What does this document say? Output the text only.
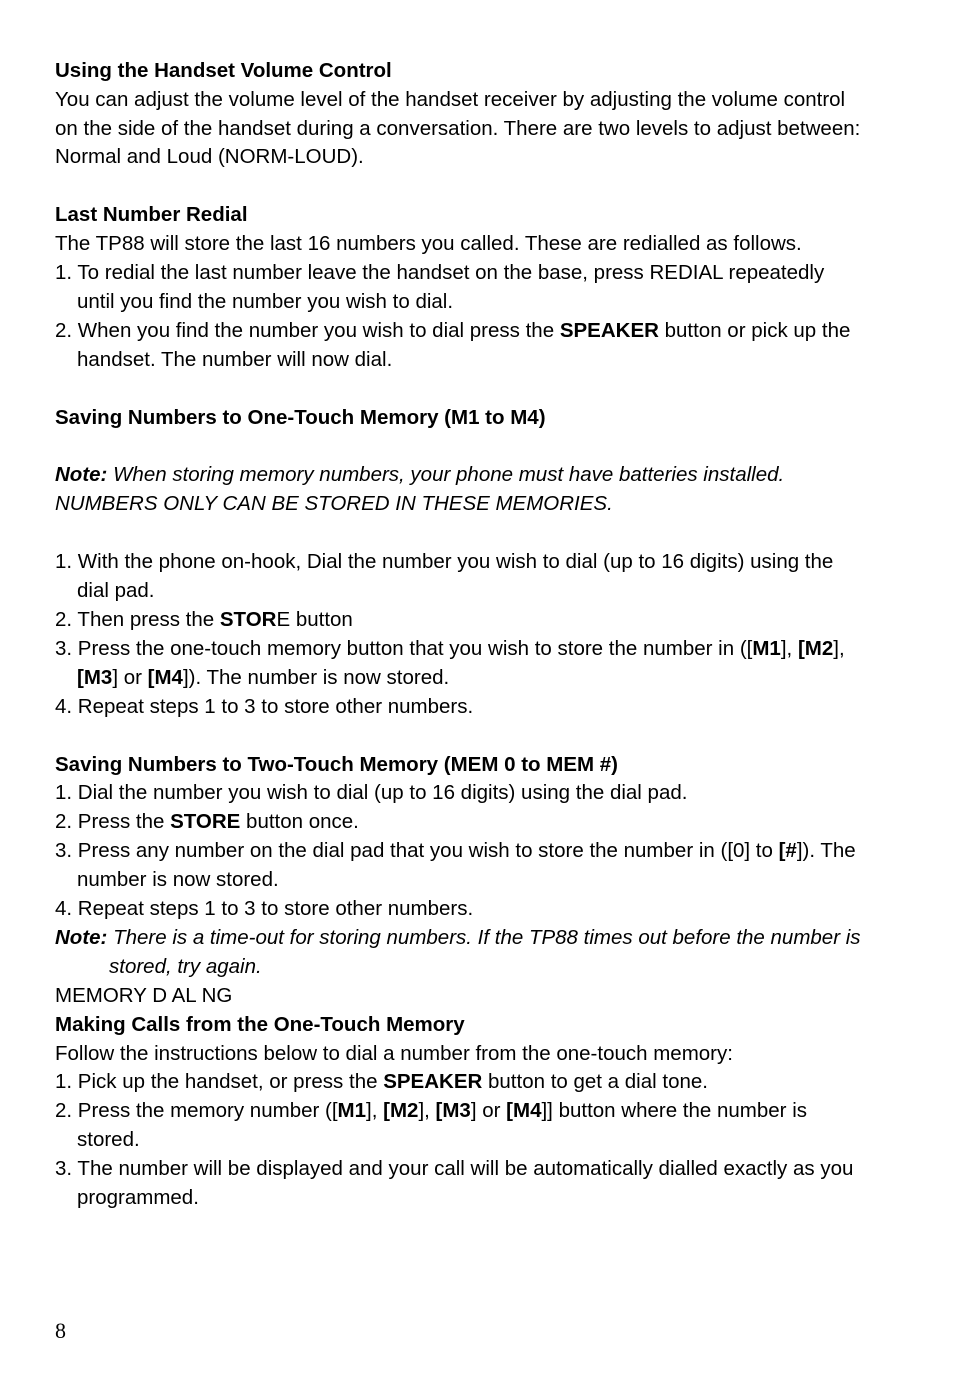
Using the Handset Volume Control
You can adjust the volume level of the handset receiver by adjusting the volume control
on the side of the handset during a conversation. There are two levels to adjust between:
Normal and Loud (NORM-LOUD).
Last Number Redial
The TP88 will store the last 16 numbers you called. These are redialled as follows.
1. To redial the last number leave the handset on the base, press REDIAL repeatedly
until you find the number you wish to dial.
2. When you find the number you wish to dial press the SPEAKER button or pick up the
handset. The number will now dial.
Saving Numbers to One-Touch Memory (M1 to M4)
Note: When storing memory numbers, your phone must have batteries installed.
NUMBERS ONLY CAN BE STORED IN THESE MEMORIES.
1. With the phone on-hook, Dial the number you wish to dial (up to 16 digits) using the
dial pad.
2. Then press the STORE button
3. Press the one-touch memory button that you wish to store the number in ([M1], [M2],
[M3] or [M4]). The number is now stored.
4. Repeat steps 1 to 3 to store other numbers.
Saving Numbers to Two-Touch Memory (MEM 0 to MEM #)
1. Dial the number you wish to dial (up to 16 digits) using the dial pad.
2. Press the STORE button once.
3. Press any number on the dial pad that you wish to store the number in ([0] to [#]). The
number is now stored.
4. Repeat steps 1 to 3 to store other numbers.
Note: There is a time-out for storing numbers. If the TP88 times out before the number is
stored, try again.
MEMORY D AL NG
Making Calls from the One-Touch Memory
Follow the instructions below to dial a number from the one-touch memory:
1. Pick up the handset, or press the SPEAKER button to get a dial tone.
2. Press the memory number ([M1], [M2], [M3] or [M4]] button where the number is
stored.
3. The number will be displayed and your call will be automatically dialled exactly as you
programmed.
8
